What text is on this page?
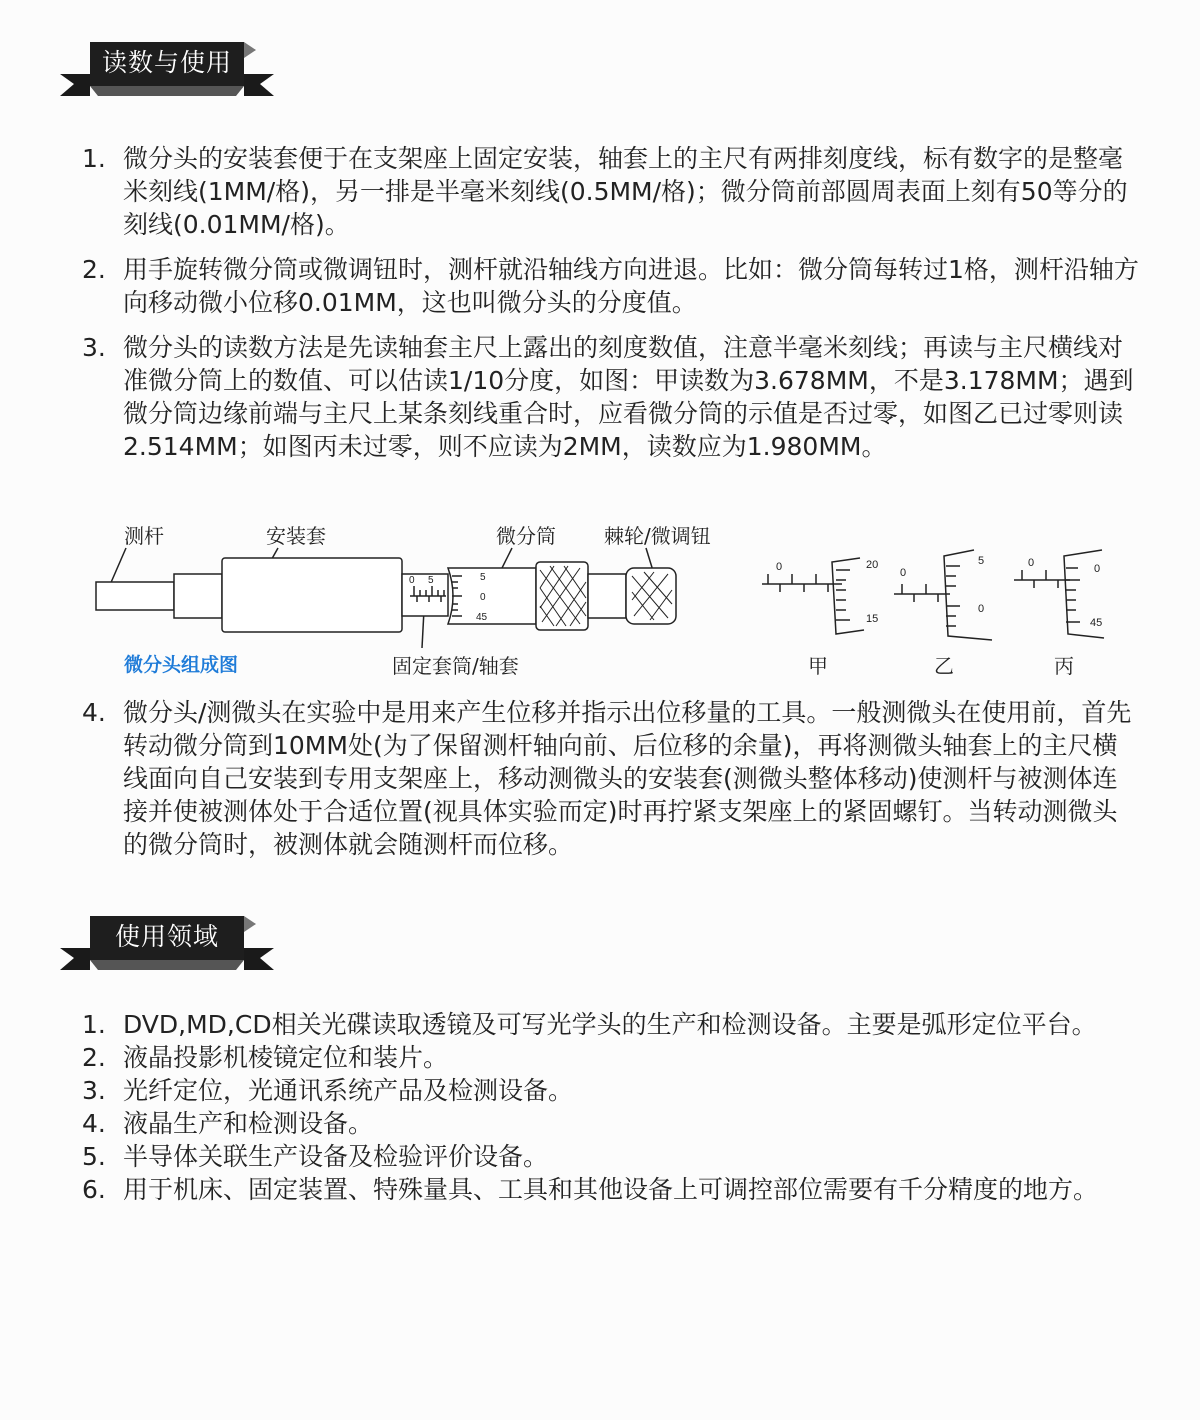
读数与使用
1. 微分头的安装套便于在支架座上固定安装，轴套上的主尺有两排刻度线，标有数字的是整毫米刻线(1MM/格)，另一排是半毫米刻线(0.5MM/格)；微分筒前部圆周表面上刻有50等分的刻线(0.01MM/格)。
2. 用手旋转微分筒或微调钮时，测杆就沿轴线方向进退。比如：微分筒每转过1格，测杆沿轴方向移动微小位移0.01MM，这也叫微分头的分度值。
3. 微分头的读数方法是先读轴套主尺上露出的刻度数值，注意半毫米刻线；再读与主尺横线对准微分筒上的数值、可以估读1/10分度，如图：甲读数为3.678MM，不是3.178MM；遇到微分筒边缘前端与主尺上某条刻线重合时，应看微分筒的示值是否过零，如图乙已过零则读2.514MM；如图丙未过零，则不应读为2MM，读数应为1.980MM。
测杆	安装套	微分筒 棘轮/微调钮
微分头组成图	固定套筒/轴套	甲	乙	丙
0 5	5
0
45
0	20
15
0
5
0
0	0
45
4. 微分头/测微头在实验中是用来产生位移并指示出位移量的工具。一般测微头在使用前，首先转动微分筒到10MM处(为了保留测杆轴向前、后位移的余量)，再将测微头轴套上的主尺横线面向自己安装到专用支架座上，移动测微头的安装套(测微头整体移动)使测杆与被测体连接并使被测体处于合适位置(视具体实验而定)时再拧紧支架座上的紧固螺钉。当转动测微头的微分筒时，被测体就会随测杆而位移。
使用领域
1. DVD,MD,CD相关光碟读取透镜及可写光学头的生产和检测设备。主要是弧形定位平台。
2. 液晶投影机棱镜定位和装片。
3. 光纤定位，光通讯系统产品及检测设备。
4. 液晶生产和检测设备。
5. 半导体关联生产设备及检验评价设备。
6. 用于机床、固定装置、特殊量具、工具和其他设备上可调控部位需要有千分精度的地方。
